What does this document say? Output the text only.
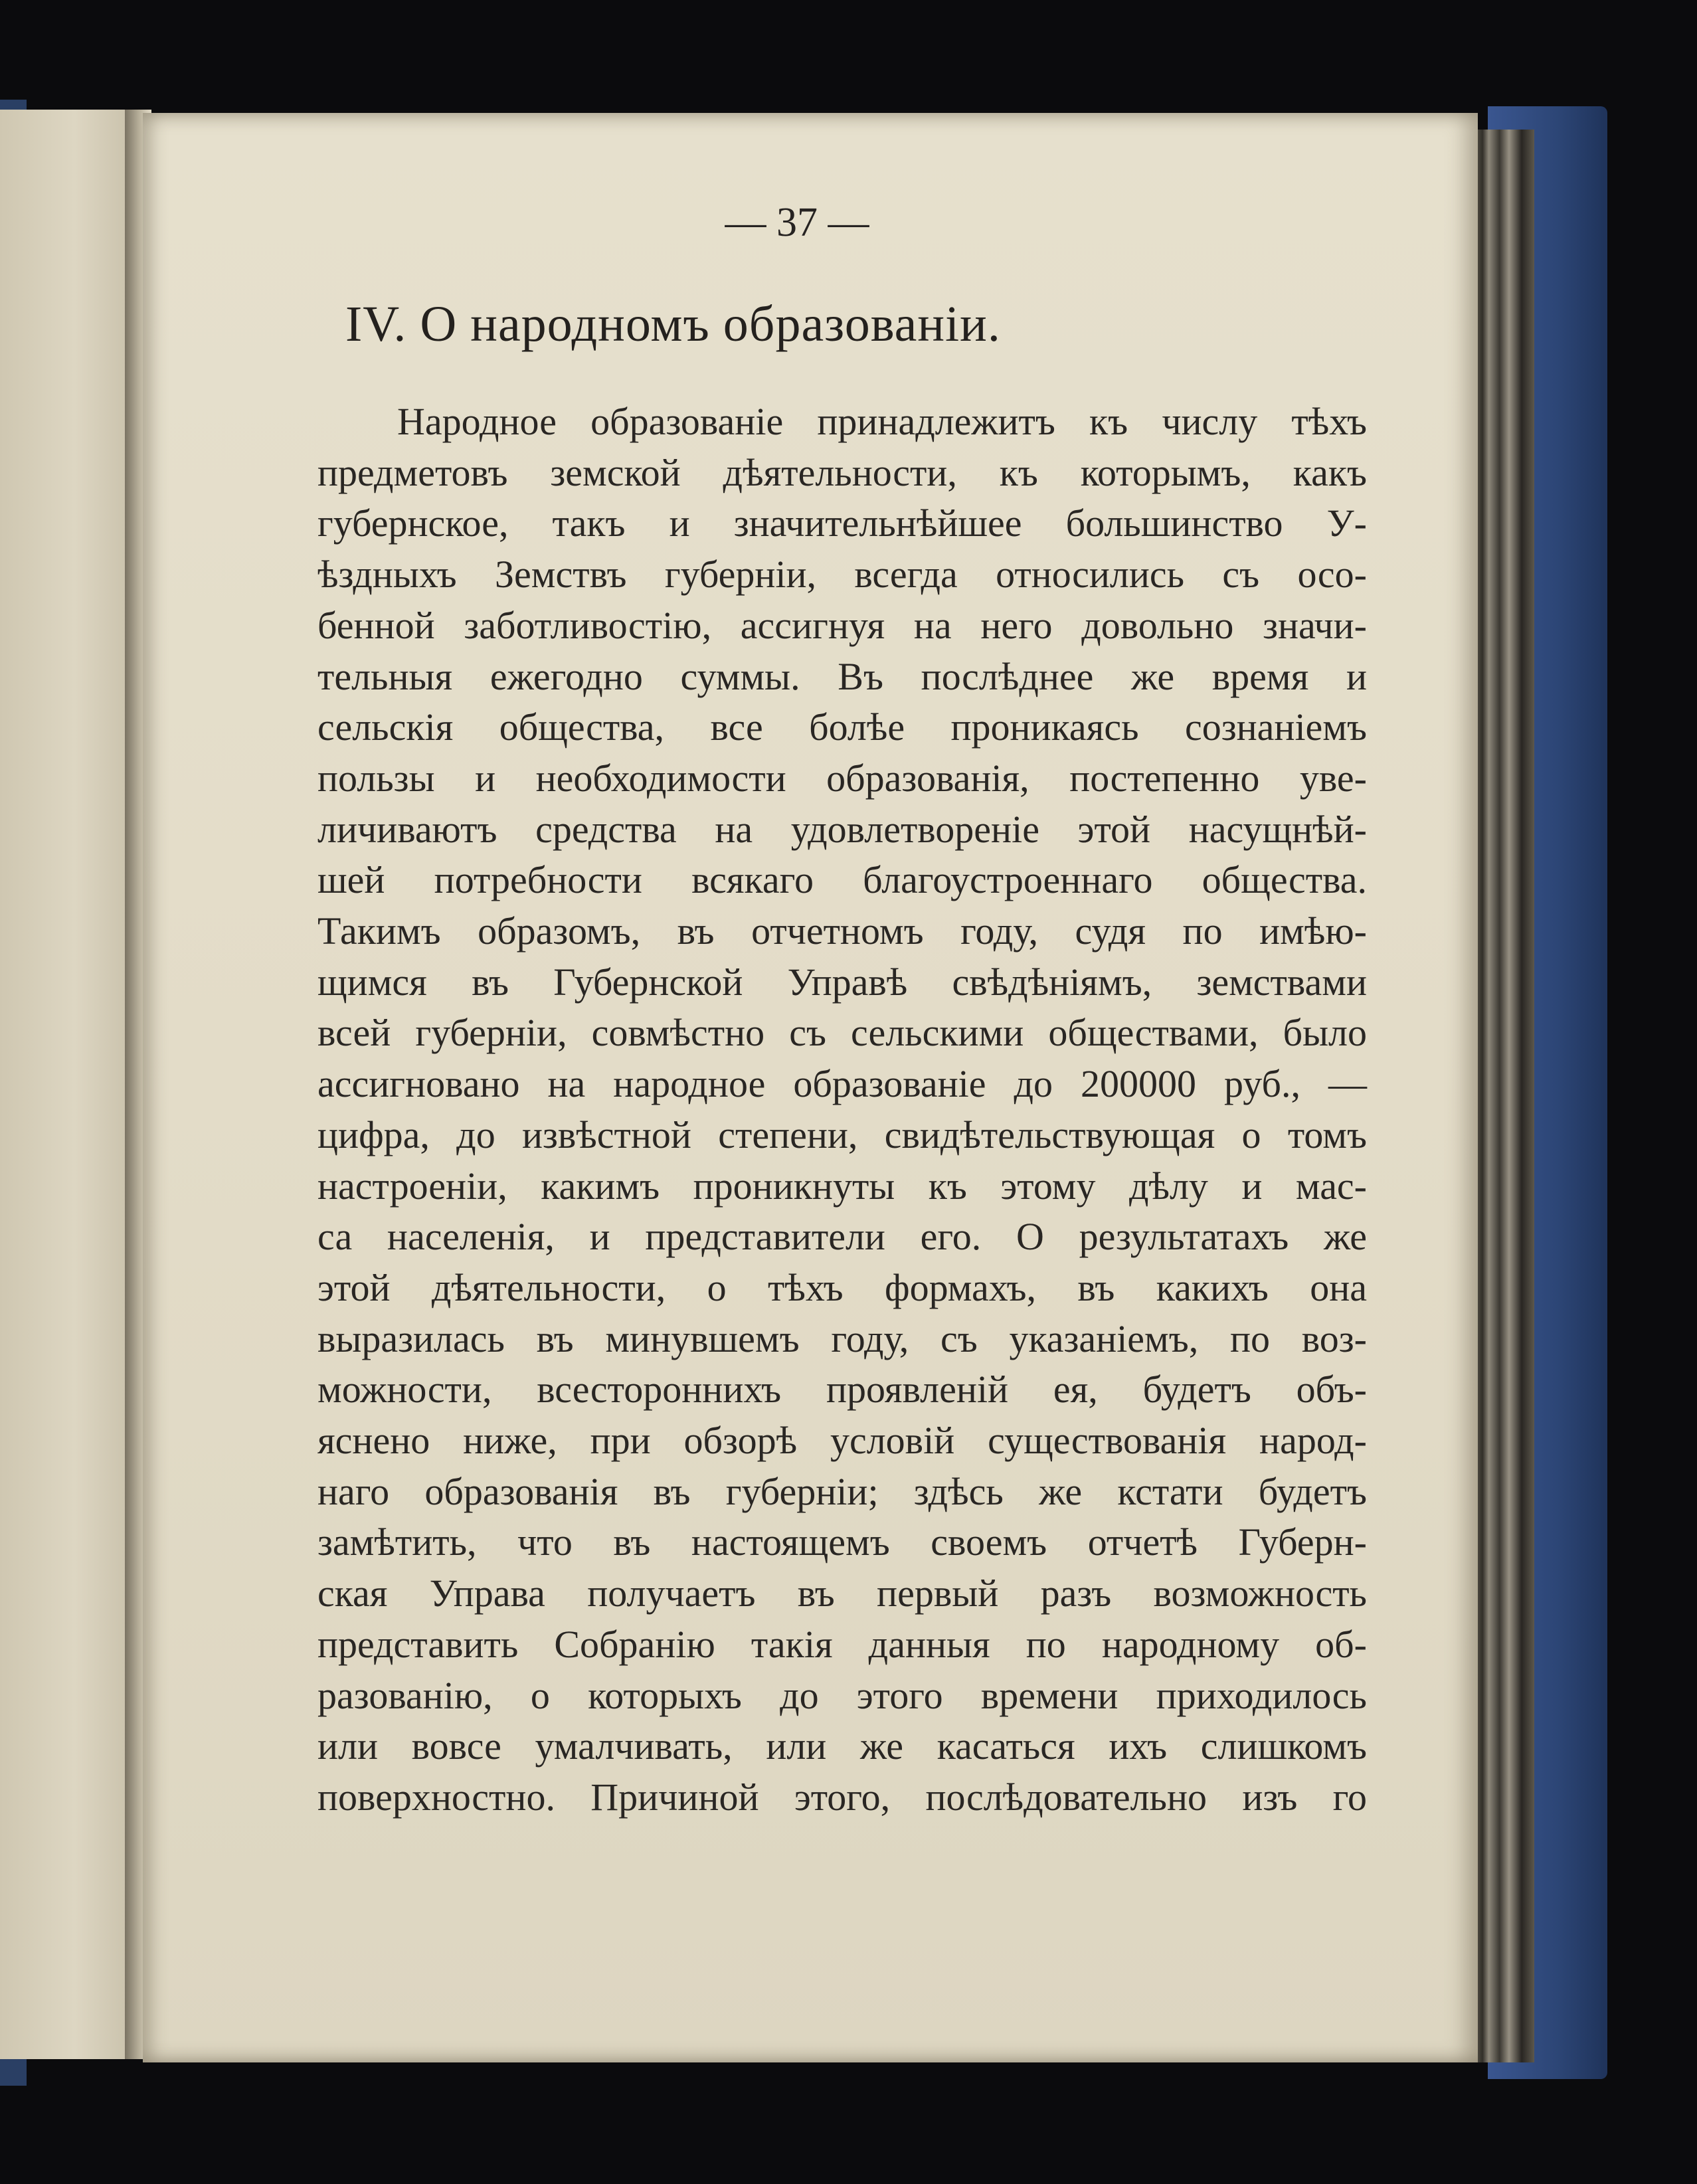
— 37 —
IV. О народномъ образованіи.
Народное образованіе принадлежитъ къ числу тѣхъ
предметовъ земской дѣятельности, къ которымъ, какъ
губернское, такъ и значительнѣйшее большинство У-
ѣздныхъ Земствъ губерніи, всегда относились съ осо-
бенной заботливостію, ассигнуя на него довольно значи-
тельныя ежегодно суммы. Въ послѣднее же время и
сельскія общества, все болѣе проникаясь сознаніемъ
пользы и необходимости образованія, постепенно уве-
личиваютъ средства на удовлетвореніе этой насущнѣй-
шей потребности всякаго благоустроеннаго общества.
Такимъ образомъ, въ отчетномъ году, судя по имѣю-
щимся въ Губернской Управѣ свѣдѣніямъ, земствами
всей губерніи, совмѣстно съ сельскими обществами, было
ассигновано на народное образованіе до 200000 руб., —
цифра, до извѣстной степени, свидѣтельствующая о томъ
настроеніи, какимъ проникнуты къ этому дѣлу и мас-
са населенія, и представители его. О результатахъ же
этой дѣятельности, о тѣхъ формахъ, въ какихъ она
выразилась въ минувшемъ году, съ указаніемъ, по воз-
можности, всестороннихъ проявленій ея, будетъ объ-
яснено ниже, при обзорѣ условій существованія народ-
наго образованія въ губерніи; здѣсь же кстати будетъ
замѣтить, что въ настоящемъ своемъ отчетѣ Губерн-
ская Управа получаетъ въ первый разъ возможность
представить Собранію такія данныя по народному об-
разованію, о которыхъ до этого времени приходилось
или вовсе умалчивать, или же касаться ихъ слишкомъ
поверхностно. Причиной этого, послѣдовательно изъ го
